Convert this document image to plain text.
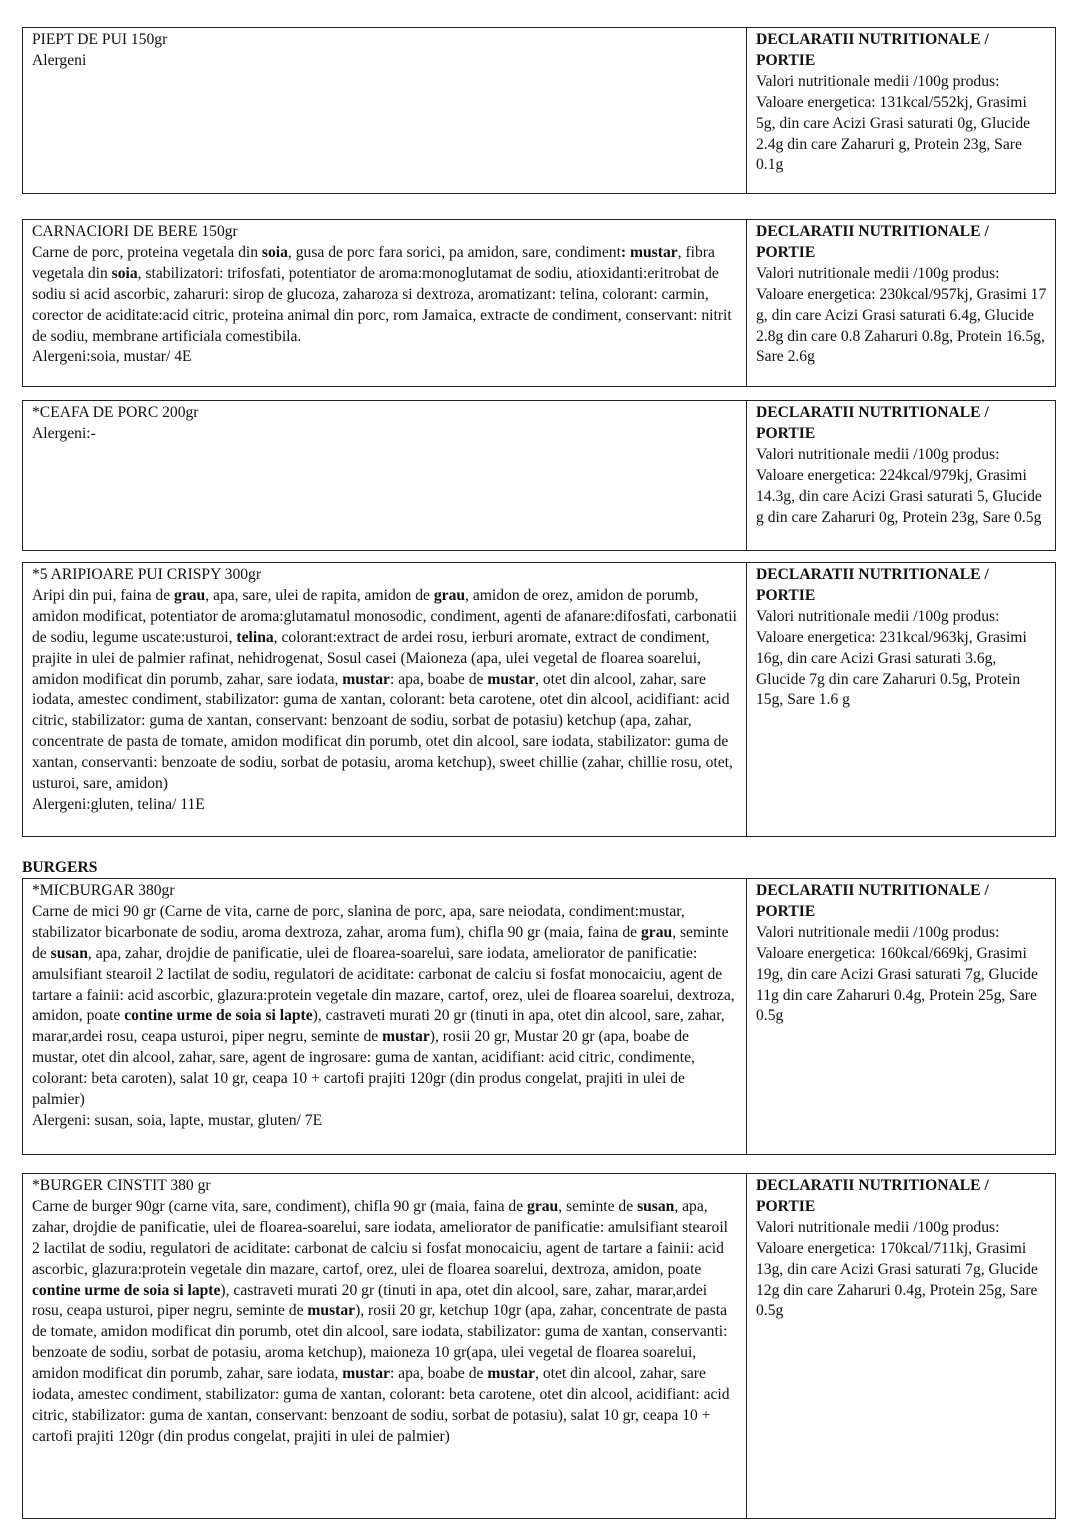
PIEPT DE PUI 150gr
Alergeni
DECLARATII NUTRITIONALE / PORTIE
Valori nutritionale medii /100g produs:
Valoare energetica: 131kcal/552kj, Grasimi 5g, din care Acizi Grasi saturati 0g, Glucide 2.4g din care Zaharuri g, Protein 23g, Sare 0.1g
CARNACIORI DE BERE 150gr
Carne de porc, proteina vegetala din soia, gusa de porc fara sorici, pa amidon, sare, condiment: mustar, fibra vegetala din soia, stabilizatori: trifosfati, potentiator de aroma:monoglutamat de sodiu, atioxidanti:eritrobat de sodiu si acid ascorbic, zaharuri: sirop de glucoza, zaharoza si dextroza, aromatizant: telina, colorant: carmin, corector de aciditate:acid citric, proteina animal din porc, rom Jamaica, extracte de condiment, conservant: nitrit de sodiu, membrane artificiala comestibila.
Alergeni:soia, mustar/ 4E
DECLARATII NUTRITIONALE / PORTIE
Valori nutritionale medii /100g produs:
Valoare energetica: 230kcal/957kj, Grasimi 17 g, din care Acizi Grasi saturati 6.4g, Glucide 2.8g din care 0.8 Zaharuri 0.8g, Protein 16.5g, Sare 2.6g
*CEAFA DE PORC 200gr
Alergeni:-
DECLARATII NUTRITIONALE / PORTIE
Valori nutritionale medii /100g produs:
Valoare energetica: 224kcal/979kj, Grasimi 14.3g, din care Acizi Grasi saturati 5, Glucide g din care Zaharuri 0g, Protein 23g, Sare 0.5g
*5 ARIPIOARE PUI CRISPY 300gr
Aripi din pui, faina de grau, apa, sare, ulei de rapita, amidon de grau, amidon de orez, amidon de porumb, amidon modificat, potentiator de aroma:glutamatul monosodic, condiment, agenti de afanare:difosfati, carbonatii de sodiu, legume uscate:usturoi, telina, colorant:extract de ardei rosu, ierburi aromate, extract de condiment, prajite in ulei de palmier rafinat, nehidrogenat, Sosul casei (Maioneza (apa, ulei vegetal de floarea soarelui, amidon modificat din porumb, zahar, sare iodata, mustar: apa, boabe de mustar, otet din alcool, zahar, sare iodata, amestec condiment, stabilizator: guma de xantan, colorant: beta carotene, otet din alcool, acidifiant: acid citric, stabilizator: guma de xantan, conservant: benzoant de sodiu, sorbat de potasiu) ketchup (apa, zahar, concentrate de pasta de tomate, amidon modificat din porumb, otet din alcool, sare iodata, stabilizator: guma de xantan, conservanti: benzoate de sodiu, sorbat de potasiu, aroma ketchup), sweet chillie (zahar, chillie rosu, otet, usturoi, sare, amidon)
Alergeni:gluten, telina/ 11E
DECLARATII NUTRITIONALE / PORTIE
Valori nutritionale medii /100g produs:
Valoare energetica: 231kcal/963kj, Grasimi 16g, din care Acizi Grasi saturati 3.6g, Glucide 7g din care Zaharuri 0.5g, Protein 15g, Sare 1.6 g
BURGERS
*MICBURGAR 380gr
Carne de mici 90 gr (Carne de vita, carne de porc, slanina de porc, apa, sare neiodata, condiment:mustar, stabilizator bicarbonate de sodiu, aroma dextroza, zahar, aroma fum), chifla 90 gr (maia, faina de grau, seminte de susan, apa, zahar, drojdie de panificatie, ulei de floarea-soarelui, sare iodata, ameliorator de panificatie: amulsifiant stearoil 2 lactilat de sodiu, regulatori de aciditate: carbonat de calciu si fosfat monocaiciu, agent de tartare a fainii: acid ascorbic, glazura:protein vegetale din mazare, cartof, orez, ulei de floarea soarelui, dextroza, amidon, poate contine urme de soia si lapte), castraveti murati 20 gr (tinuti in apa, otet din alcool, sare, zahar, marar,ardei rosu, ceapa usturoi, piper negru, seminte de mustar), rosii 20 gr, Mustar 20 gr (apa, boabe de mustar, otet din alcool, zahar, sare, agent de ingrosare: guma de xantan, acidifiant: acid citric, condimente, colorant: beta caroten), salat 10 gr, ceapa 10 + cartofi prajiti 120gr (din produs congelat, prajiti in ulei de palmier)
Alergeni: susan, soia, lapte, mustar, gluten/ 7E
DECLARATII NUTRITIONALE / PORTIE
Valori nutritionale medii /100g produs:
Valoare energetica: 160kcal/669kj, Grasimi 19g, din care Acizi Grasi saturati 7g, Glucide 11g din care Zaharuri 0.4g, Protein 25g, Sare 0.5g
*BURGER CINSTIT 380 gr
Carne de burger 90gr (carne vita, sare, condiment), chifla 90 gr (maia, faina de grau, seminte de susan, apa, zahar, drojdie de panificatie, ulei de floarea-soarelui, sare iodata, ameliorator de panificatie: amulsifiant stearoil 2 lactilat de sodiu, regulatori de aciditate: carbonat de calciu si fosfat monocaiciu, agent de tartare a fainii: acid ascorbic, glazura:protein vegetale din mazare, cartof, orez, ulei de floarea soarelui, dextroza, amidon, poate contine urme de soia si lapte), castraveti murati 20 gr (tinuti in apa, otet din alcool, sare, zahar, marar,ardei rosu, ceapa usturoi, piper negru, seminte de mustar), rosii 20 gr, ketchup 10gr (apa, zahar, concentrate de pasta de tomate, amidon modificat din porumb, otet din alcool, sare iodata, stabilizator: guma de xantan, conservanti: benzoate de sodiu, sorbat de potasiu, aroma ketchup), maioneza 10 gr(apa, ulei vegetal de floarea soarelui, amidon modificat din porumb, zahar, sare iodata, mustar: apa, boabe de mustar, otet din alcool, zahar, sare iodata, amestec condiment, stabilizator: guma de xantan, colorant: beta carotene, otet din alcool, acidifiant: acid citric, stabilizator: guma de xantan, conservant: benzoant de sodiu, sorbat de potasiu), salat 10 gr, ceapa 10 + cartofi prajiti 120gr (din produs congelat, prajiti in ulei de palmier)
DECLARATII NUTRITIONALE / PORTIE
Valori nutritionale medii /100g produs:
Valoare energetica: 170kcal/711kj, Grasimi 13g, din care Acizi Grasi saturati 7g, Glucide 12g din care Zaharuri 0.4g, Protein 25g, Sare 0.5g
